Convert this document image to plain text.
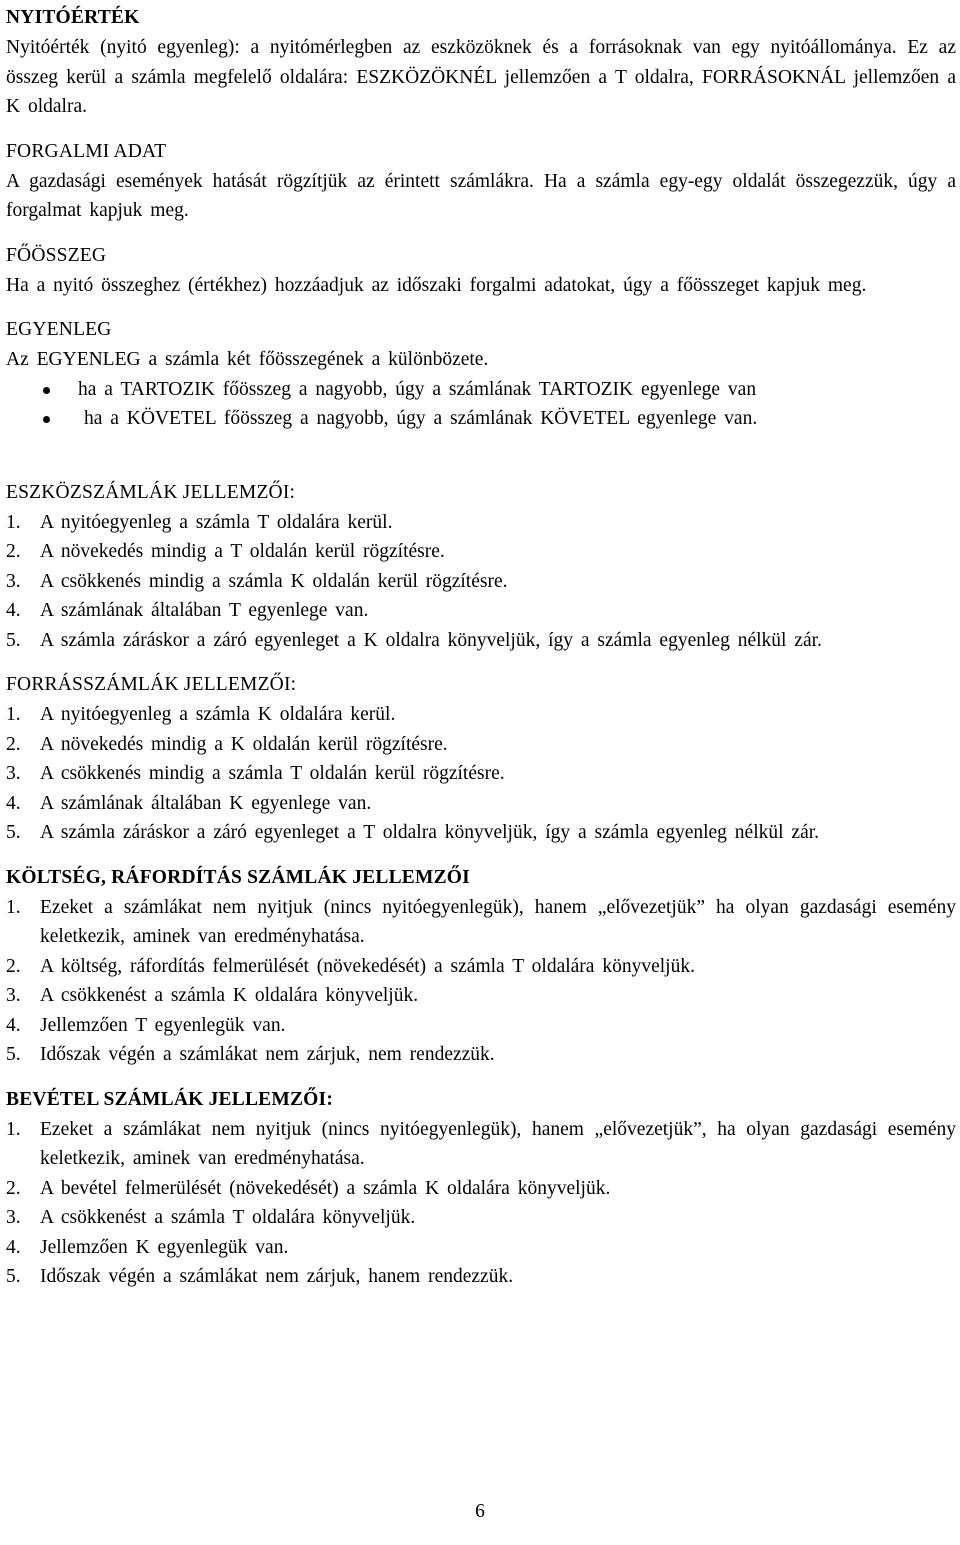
NYITÓÉRTÉK
Nyitóérték (nyitó egyenleg): a nyitómérlegben az eszközöknek és a forrásoknak van egy nyitóállománya. Ez az összeg kerül a számla megfelelő oldalára: ESZKÖZÖKNÉL jellemzően a T oldalra, FORRÁSOKNÁL jellemzően a K oldalra.
FORGALMI ADAT
A gazdasági események hatását rögzítjük az érintett számlákra. Ha a számla egy-egy oldalát összegezzük, úgy a forgalmat kapjuk meg.
FŐÖSSZEG
Ha a nyitó összeghez (értékhez) hozzáadjuk az időszaki forgalmi adatokat, úgy a főösszeget kapjuk meg.
EGYENLEG
Az EGYENLEG a számla két főösszegének a különbözete.
ha a TARTOZIK főösszeg a nagyobb, úgy a számlának TARTOZIK egyenlege van
ha a KÖVETEL főösszeg a nagyobb, úgy a számlának KÖVETEL egyenlege van.
ESZKÖZSZÁMLÁK JELLEMZŐI:
1. A nyitóegyenleg a számla T oldalára kerül.
2. A növekedés mindig a T oldalán kerül rögzítésre.
3. A csökkenés mindig a számla K oldalán kerül rögzítésre.
4. A számlának általában T egyenlege van.
5. A számla záráskor a záró egyenleget a K oldalra könyveljük, így a számla egyenleg nélkül zár.
FORRÁSSZÁMLÁK JELLEMZŐI:
1. A nyitóegyenleg a számla K oldalára kerül.
2. A növekedés mindig a K oldalán kerül rögzítésre.
3. A csökkenés mindig a számla T oldalán kerül rögzítésre.
4. A számlának általában K egyenlege van.
5. A számla záráskor a záró egyenleget a T oldalra könyveljük, így a számla egyenleg nélkül zár.
KÖLTSÉG, RÁFORDÍTÁS SZÁMLÁK JELLEMZŐI
1. Ezeket a számlákat nem nyitjuk (nincs nyitóegyenlegük), hanem „elővezetjük” ha olyan gazdasági esemény keletkezik, aminek van eredményhatása.
2. A költség, ráfordítás felmerülését (növekedését) a számla T oldalára könyveljük.
3. A csökkenést a számla K oldalára könyveljük.
4. Jellemzően T egyenlegük van.
5. Időszak végén a számlákat nem zárjuk, nem rendezzük.
BEVÉTEL SZÁMLÁK JELLEMZŐI:
1. Ezeket a számlákat nem nyitjuk (nincs nyitóegyenlegük), hanem „elővezetjük”, ha olyan gazdasági esemény keletkezik, aminek van eredményhatása.
2. A bevétel felmerülését (növekedését) a számla K oldalára könyveljük.
3. A csökkenést a számla T oldalára könyveljük.
4. Jellemzően K egyenlegük van.
5. Időszak végén a számlákat nem zárjuk, hanem rendezzük.
6
